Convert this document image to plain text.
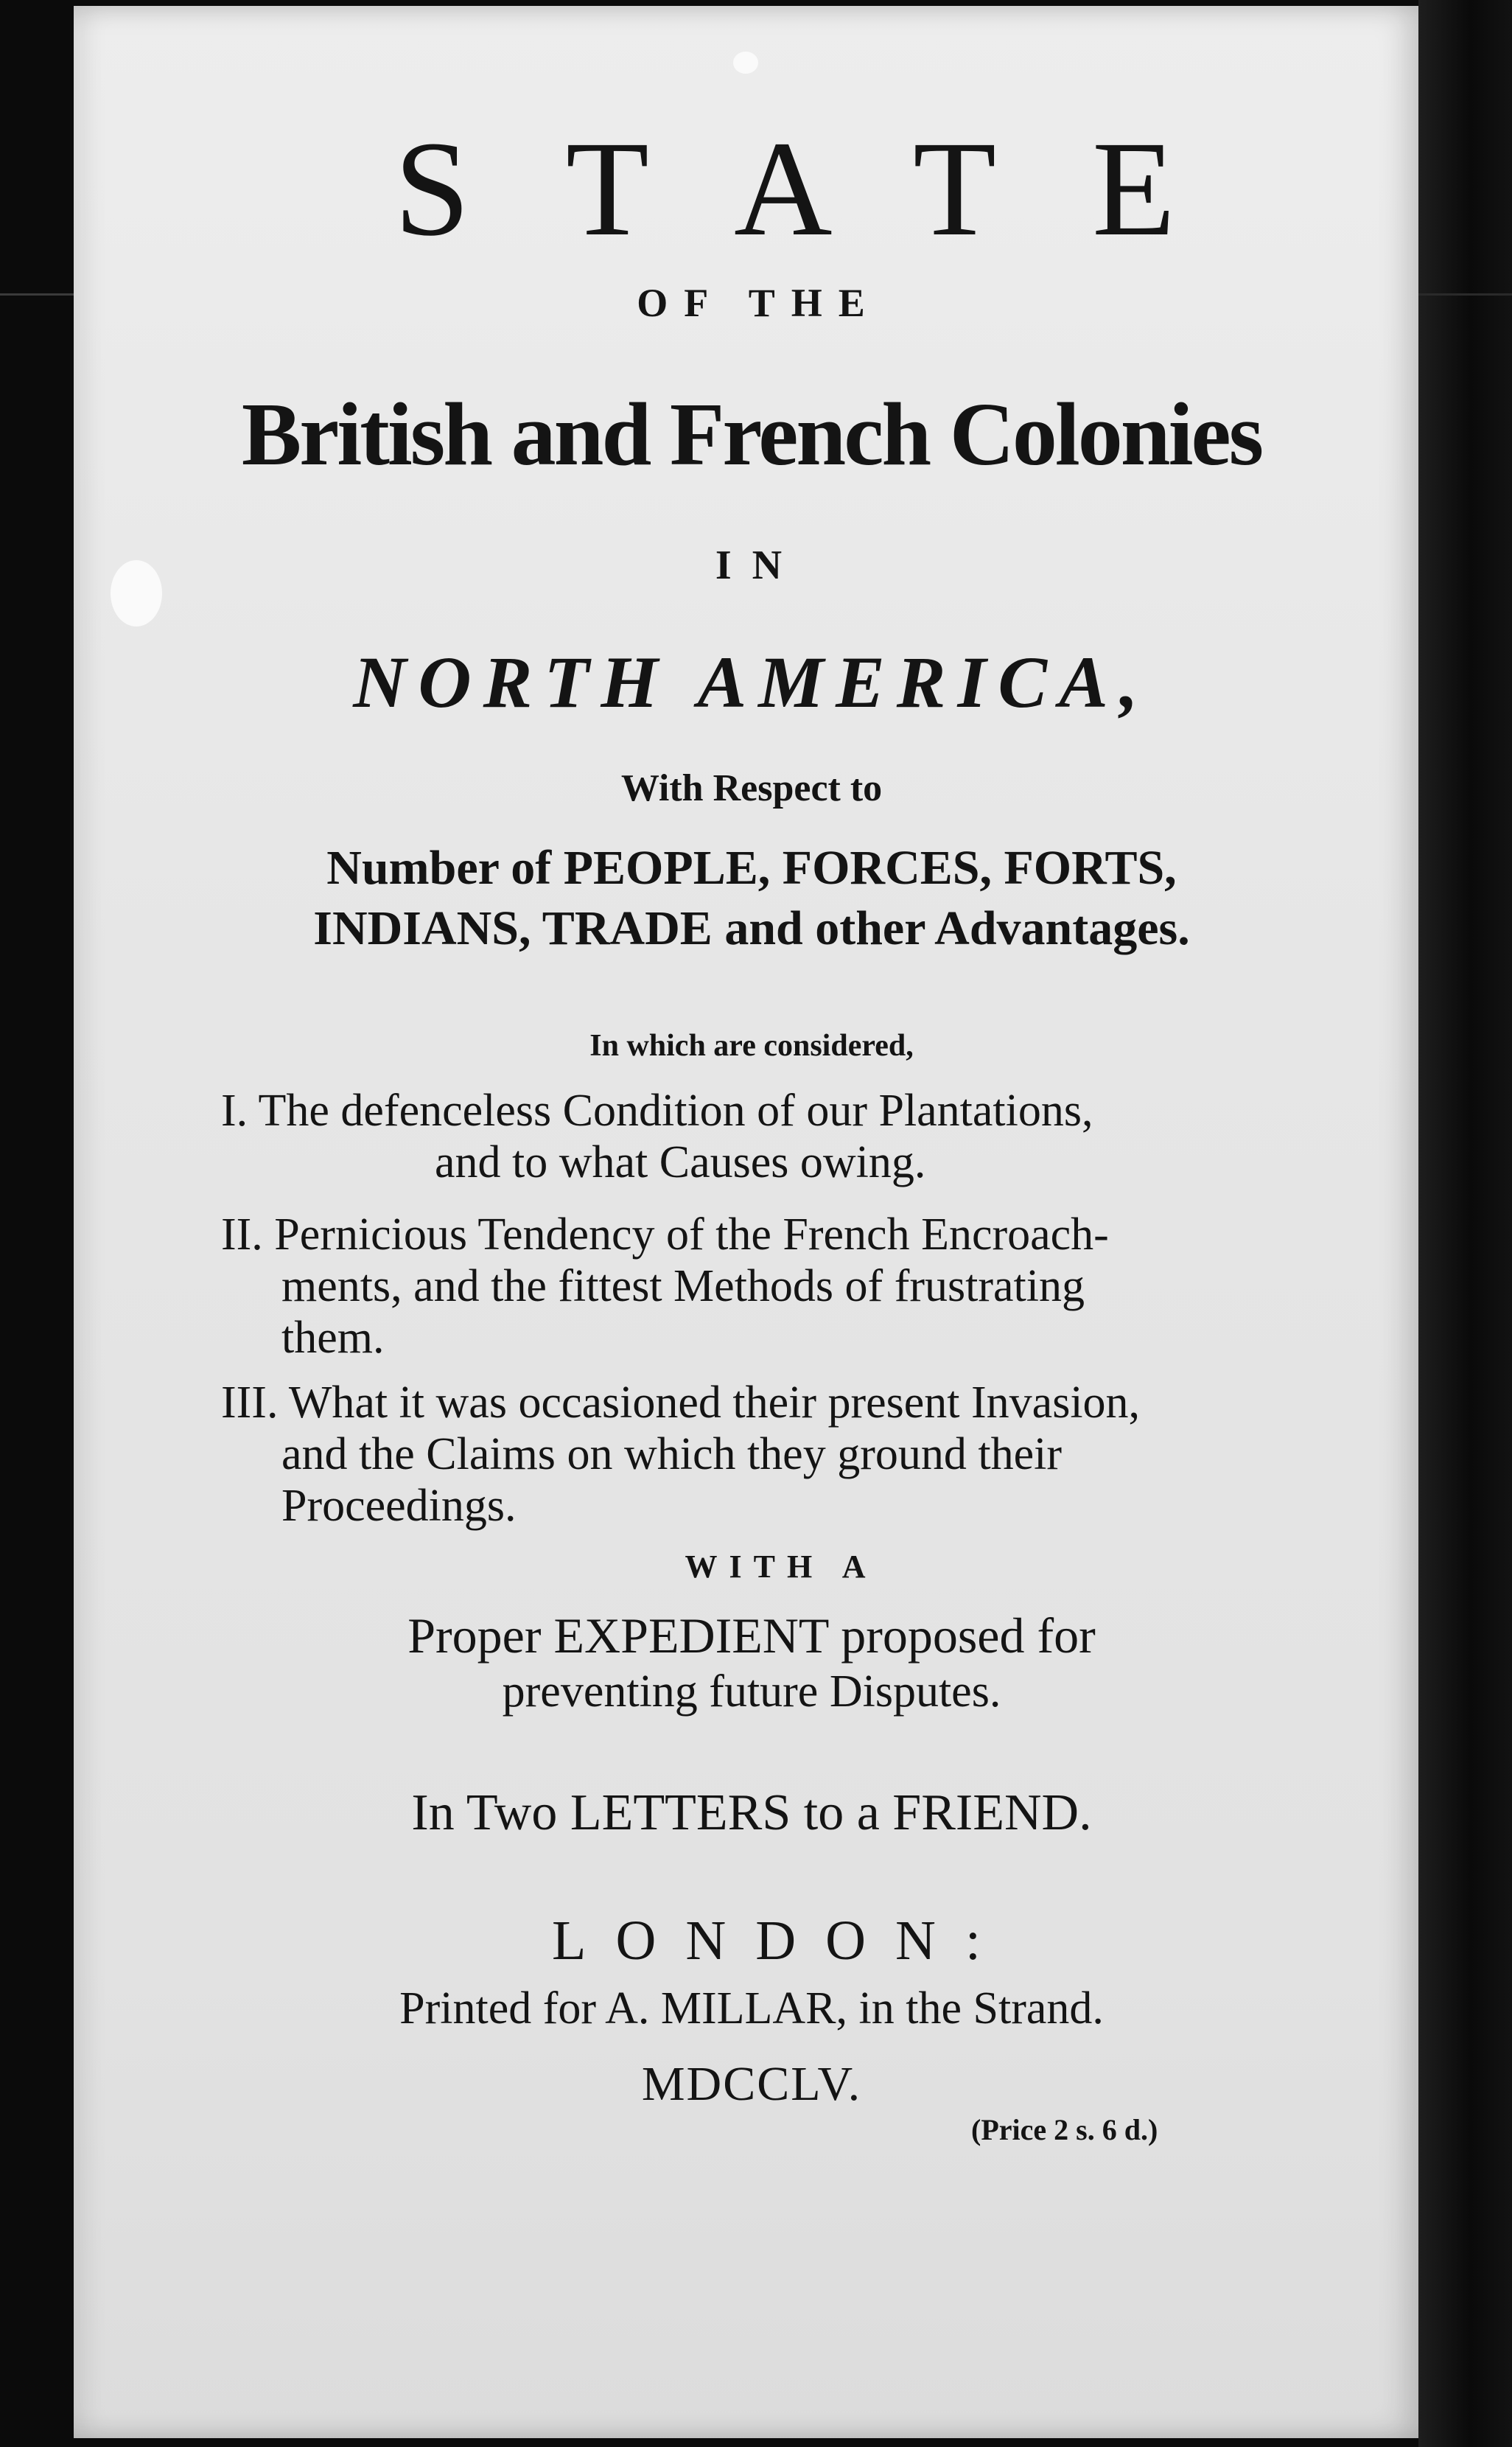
STATE
OF THE
British and French Colonies
IN
NORTH AMERICA,
With Respect to
Number of PEOPLE, FORCES, FORTS,
INDIANS, TRADE and other Advantages.
In which are considered,
I. The defenceless Condition of our Plantations,
and to what Causes owing.
II. Pernicious Tendency of the French Encroach-
ments, and the fittest Methods of frustrating
them.
III. What it was occasioned their present Invasion,
and the Claims on which they ground their
Proceedings.
WITH A
Proper EXPEDIENT proposed for
preventing future Disputes.
In Two LETTERS to a FRIEND.
LONDON:
Printed for A. MILLAR, in the Strand.
MDCCLV.
(Price 2 s. 6 d.)
